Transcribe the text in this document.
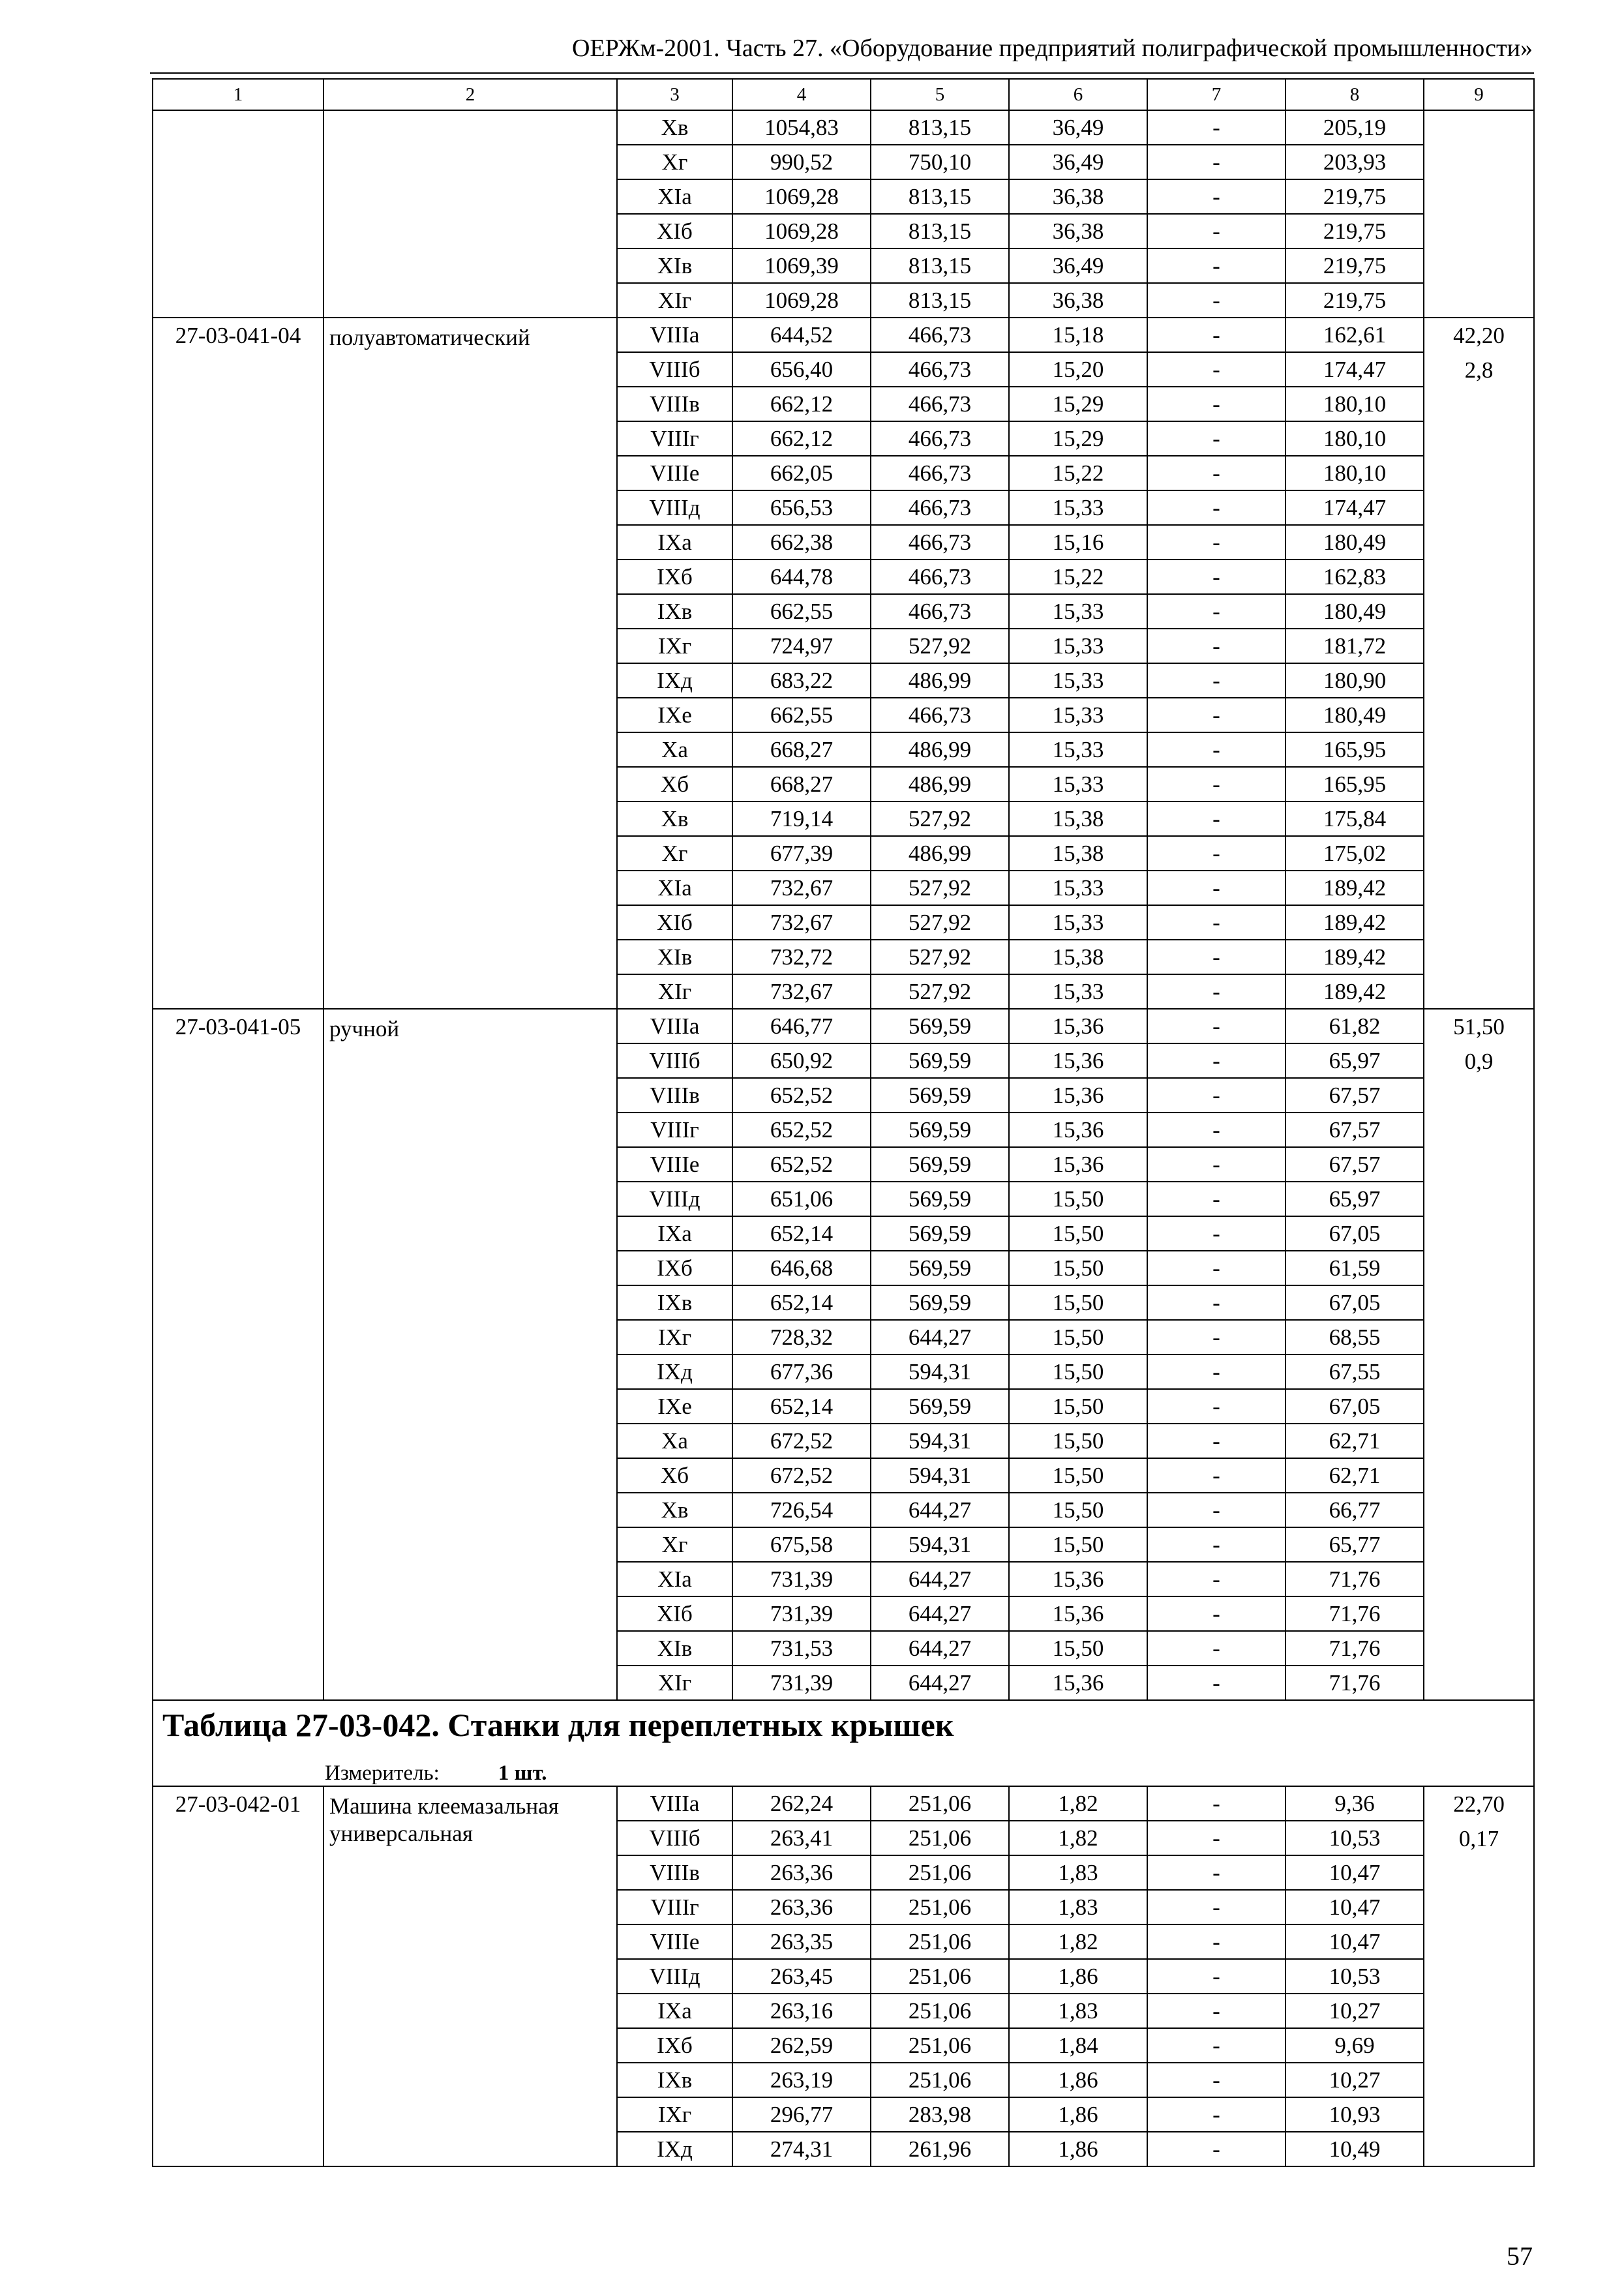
ОЕРЖм-2001. Часть 27. «Оборудование предприятий полиграфической промышленности»
1	2	3	4	5	6	7	8	9
		Хв	1054,83	813,15	36,49	-	205,19	
		Хг	990,52	750,10	36,49	-	203,93	
		ХIа	1069,28	813,15	36,38	-	219,75	
		ХIб	1069,28	813,15	36,38	-	219,75	
		ХIв	1069,39	813,15	36,49	-	219,75	
		ХIг	1069,28	813,15	36,38	-	219,75	
27-03-041-04	полуавтоматический	VIIIа	644,52	466,73	15,18	-	162,61	42,20
2,8

		VIIIб	656,40	466,73	15,20	-	174,47	
		VIIIв	662,12	466,73	15,29	-	180,10	
		VIIIг	662,12	466,73	15,29	-	180,10	
		VIIIе	662,05	466,73	15,22	-	180,10	
		VIIIд	656,53	466,73	15,33	-	174,47	
		IХа	662,38	466,73	15,16	-	180,49	
		IХб	644,78	466,73	15,22	-	162,83	
		IХв	662,55	466,73	15,33	-	180,49	
		IХг	724,97	527,92	15,33	-	181,72	
		IХд	683,22	486,99	15,33	-	180,90	
		IХе	662,55	466,73	15,33	-	180,49	
		Ха	668,27	486,99	15,33	-	165,95	
		Хб	668,27	486,99	15,33	-	165,95	
		Хв	719,14	527,92	15,38	-	175,84	
		Хг	677,39	486,99	15,38	-	175,02	
		ХIа	732,67	527,92	15,33	-	189,42	
		ХIб	732,67	527,92	15,33	-	189,42	
		ХIв	732,72	527,92	15,38	-	189,42	
		ХIг	732,67	527,92	15,33	-	189,42	
27-03-041-05	ручной	VIIIа	646,77	569,59	15,36	-	61,82	51,50
0,9

		VIIIб	650,92	569,59	15,36	-	65,97	
		VIIIв	652,52	569,59	15,36	-	67,57	
		VIIIг	652,52	569,59	15,36	-	67,57	
		VIIIе	652,52	569,59	15,36	-	67,57	
		VIIIд	651,06	569,59	15,50	-	65,97	
		IХа	652,14	569,59	15,50	-	67,05	
		IХб	646,68	569,59	15,50	-	61,59	
		IХв	652,14	569,59	15,50	-	67,05	
		IХг	728,32	644,27	15,50	-	68,55	
		IХд	677,36	594,31	15,50	-	67,55	
		IХе	652,14	569,59	15,50	-	67,05	
		Ха	672,52	594,31	15,50	-	62,71	
		Хб	672,52	594,31	15,50	-	62,71	
		Хв	726,54	644,27	15,50	-	66,77	
		Хг	675,58	594,31	15,50	-	65,77	
		ХIа	731,39	644,27	15,36	-	71,76	
		ХIб	731,39	644,27	15,36	-	71,76	
		ХIв	731,53	644,27	15,50	-	71,76	
		ХIг	731,39	644,27	15,36	-	71,76	

Таблица 27-03-042. Станки для переплетных крышек								

Измеритель: 1 шт.								
27-03-042-01	Машина клеемазальная универсальная	VIIIа	262,24	251,06	1,82	-	9,36	22,70
0,17

		VIIIб	263,41	251,06	1,82	-	10,53	
		VIIIв	263,36	251,06	1,83	-	10,47	
		VIIIг	263,36	251,06	1,83	-	10,47	
		VIIIе	263,35	251,06	1,82	-	10,47	
		VIIIд	263,45	251,06	1,86	-	10,53	
		IХа	263,16	251,06	1,83	-	10,27	
		IХб	262,59	251,06	1,84	-	9,69	
		IХв	263,19	251,06	1,86	-	10,27	
		IХг	296,77	283,98	1,86	-	10,93	
		IХд	274,31	261,96	1,86	-	10,49	
57
